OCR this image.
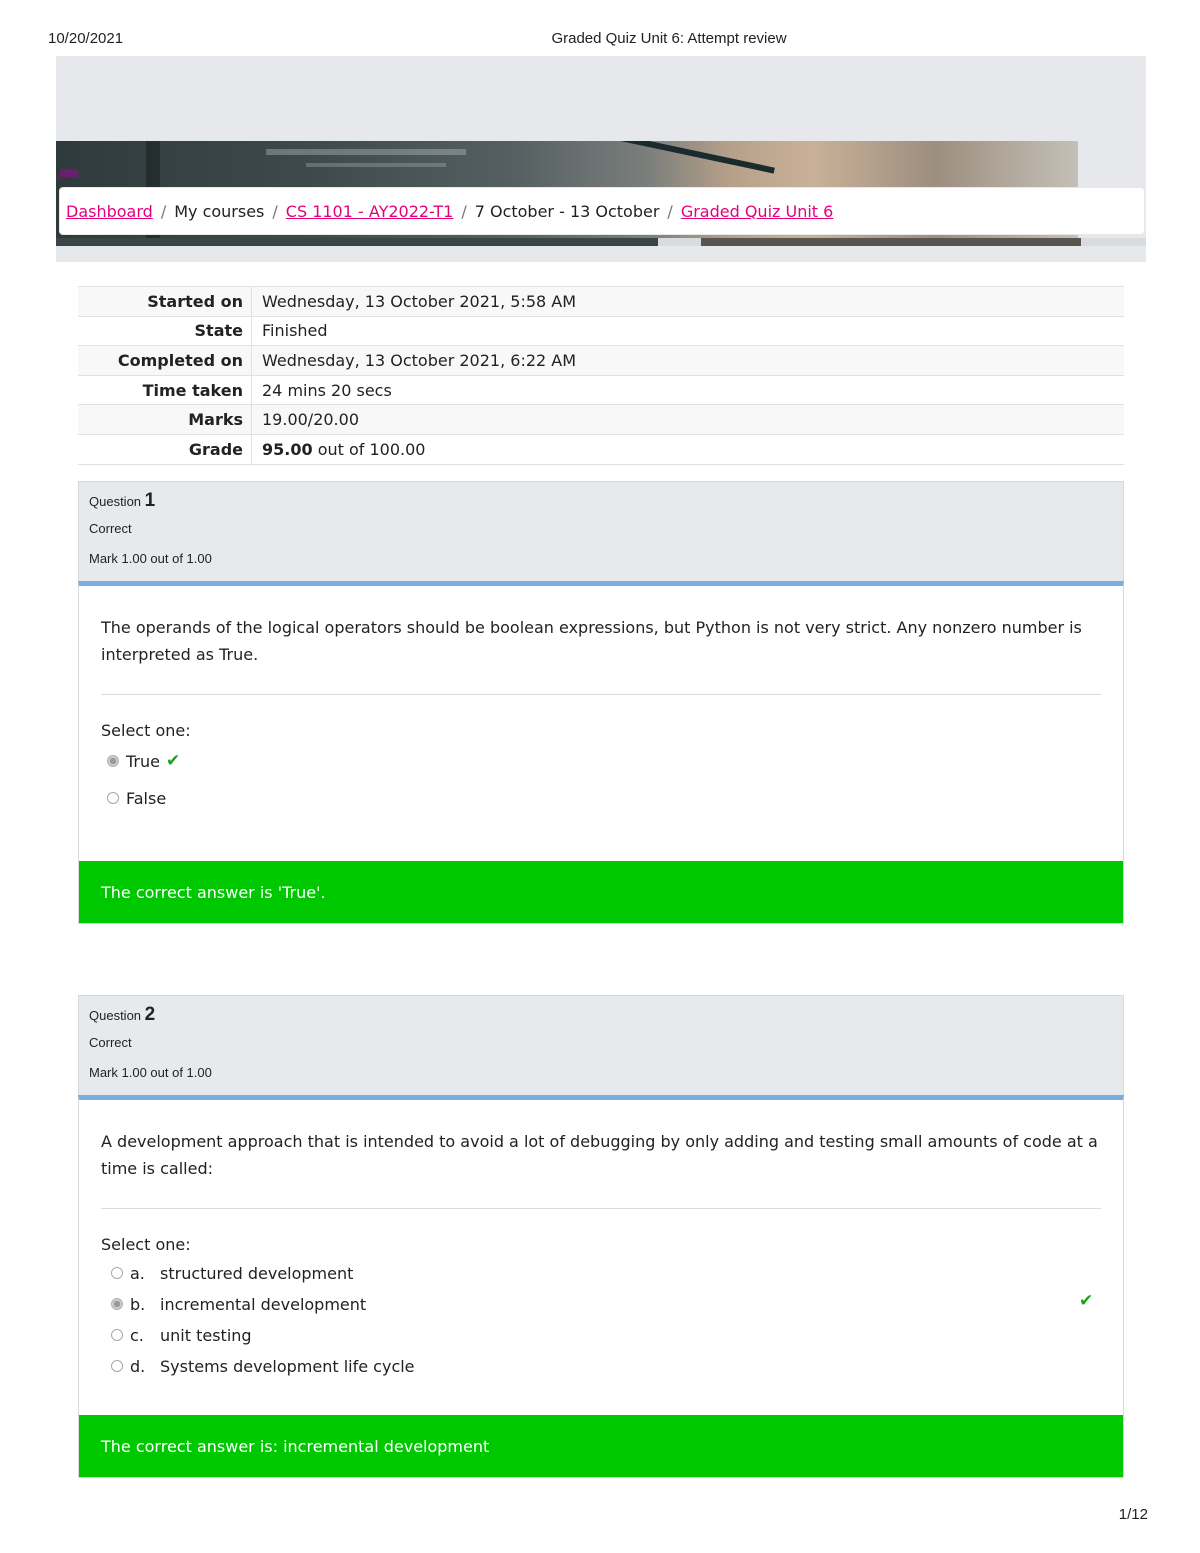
10/20/2021	Graded Quiz Unit 6: Attempt review
Dashboard / My courses / CS 1101 - AY2022-T1 / 7 October - 13 October / Graded Quiz Unit 6
Started on	Wednesday, 13 October 2021, 5:58 AM
State	Finished
Completed on	Wednesday, 13 October 2021, 6:22 AM
Time taken	24 mins 20 secs
Marks	19.00/20.00
Grade	95.00 out of 100.00
Question 1
Correct
Mark 1.00 out of 1.00
The operands of the logical operators should be boolean expressions, but Python is not very strict. Any nonzero number is interpreted as True.
Select one:
True ✔
False
The correct answer is 'True'.
Question 2
Correct
Mark 1.00 out of 1.00
A development approach that is intended to avoid a lot of debugging by only adding and testing small amounts of code at a time is called:
Select one:
a. structured development
b. incremental development
c.	unit testing
d. Systems development life cycle
✔
The correct answer is: incremental development
1/12
